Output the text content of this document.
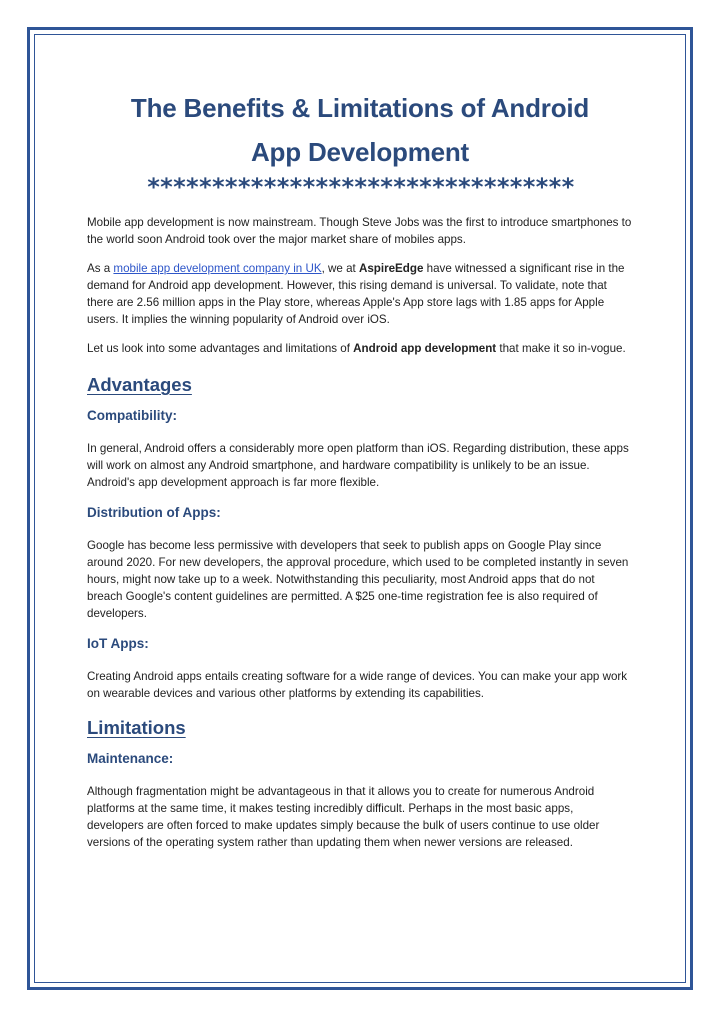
The Benefits & Limitations of Android
App Development
*********************************

Mobile app development is now mainstream. Though Steve Jobs was the first to introduce smartphones to the world soon Android took over the major market share of mobiles apps.

As a mobile app development company in UK, we at AspireEdge have witnessed a significant rise in the demand for Android app development. However, this rising demand is universal. To validate, note that there are 2.56 million apps in the Play store, whereas Apple's App store lags with 1.85 apps for Apple users. It implies the winning popularity of Android over iOS.

Let us look into some advantages and limitations of Android app development that make it so in-vogue.

Advantages
Compatibility:

In general, Android offers a considerably more open platform than iOS. Regarding distribution, these apps will work on almost any Android smartphone, and hardware compatibility is unlikely to be an issue. Android's app development approach is far more flexible.

Distribution of Apps:

Google has become less permissive with developers that seek to publish apps on Google Play since around 2020. For new developers, the approval procedure, which used to be completed instantly in seven hours, might now take up to a week. Notwithstanding this peculiarity, most Android apps that do not breach Google's content guidelines are permitted. A $25 one-time registration fee is also required of developers.

IoT Apps:

Creating Android apps entails creating software for a wide range of devices. You can make your app work on wearable devices and various other platforms by extending its capabilities.

Limitations
Maintenance:

Although fragmentation might be advantageous in that it allows you to create for numerous Android platforms at the same time, it makes testing incredibly difficult. Perhaps in the most basic apps, developers are often forced to make updates simply because the bulk of users continue to use older versions of the operating system rather than updating them when newer versions are released.
